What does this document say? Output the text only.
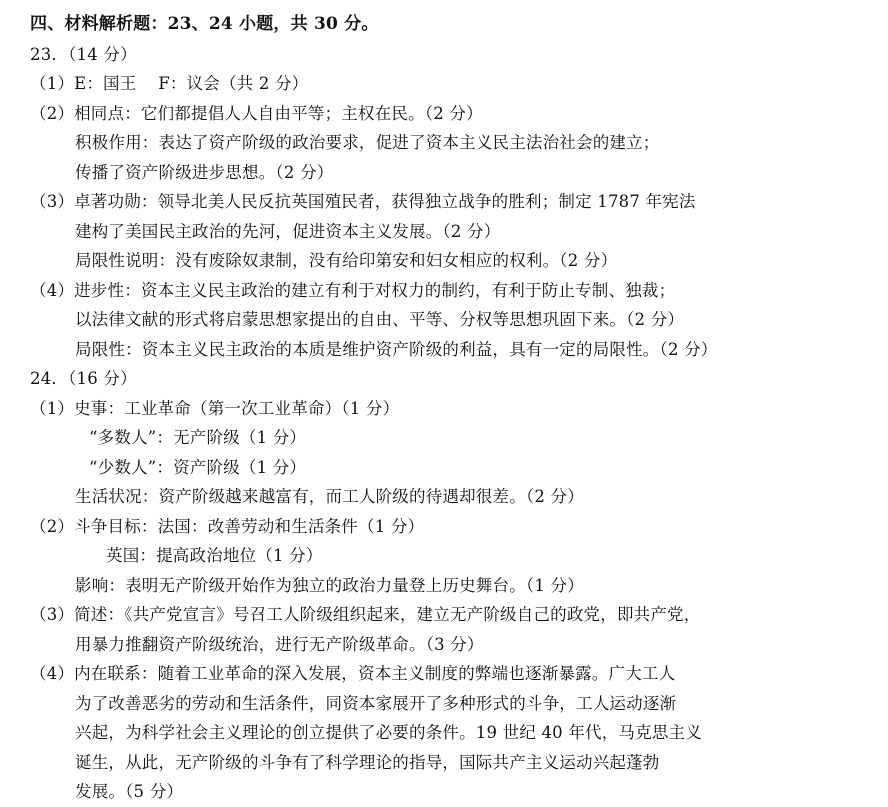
四、材料解析题：23、24 小题，共 30 分。
23．（14 分）
（1）E：国王    F：议会（共 2 分）
（2）相同点：它们都提倡人人自由平等；主权在民。（2 分）
积极作用：表达了资产阶级的政治要求，促进了资本主义民主法治社会的建立；
传播了资产阶级进步思想。（2 分）
（3）卓著功勋：领导北美人民反抗英国殖民者，获得独立战争的胜利；制定 1787 年宪法
建构了美国民主政治的先河，促进资本主义发展。（2 分）
局限性说明：没有废除奴隶制，没有给印第安和妇女相应的权利。（2 分）
（4）进步性：资本主义民主政治的建立有利于对权力的制约，有利于防止专制、独裁；
以法律文献的形式将启蒙思想家提出的自由、平等、分权等思想巩固下来。（2 分）
局限性：资本主义民主政治的本质是维护资产阶级的利益，具有一定的局限性。（2 分）
24．（16 分）
（1）史事：工业革命（第一次工业革命）（1 分）
“多数人”：无产阶级（1 分）
“少数人”：资产阶级（1 分）
生活状况：资产阶级越来越富有，而工人阶级的待遇却很差。（2 分）
（2）斗争目标：法国：改善劳动和生活条件（1 分）
英国：提高政治地位（1 分）
影响：表明无产阶级开始作为独立的政治力量登上历史舞台。（1 分）
（3）简述：《共产党宣言》号召工人阶级组织起来，建立无产阶级自己的政党，即共产党，
用暴力推翻资产阶级统治，进行无产阶级革命。（3 分）
（4）内在联系：随着工业革命的深入发展，资本主义制度的弊端也逐渐暴露。广大工人
为了改善恶劣的劳动和生活条件，同资本家展开了多种形式的斗争，工人运动逐渐
兴起，为科学社会主义理论的创立提供了必要的条件。19 世纪 40 年代，马克思主义
诞生，从此，无产阶级的斗争有了科学理论的指导，国际共产主义运动兴起蓬勃
发展。（5 分）
